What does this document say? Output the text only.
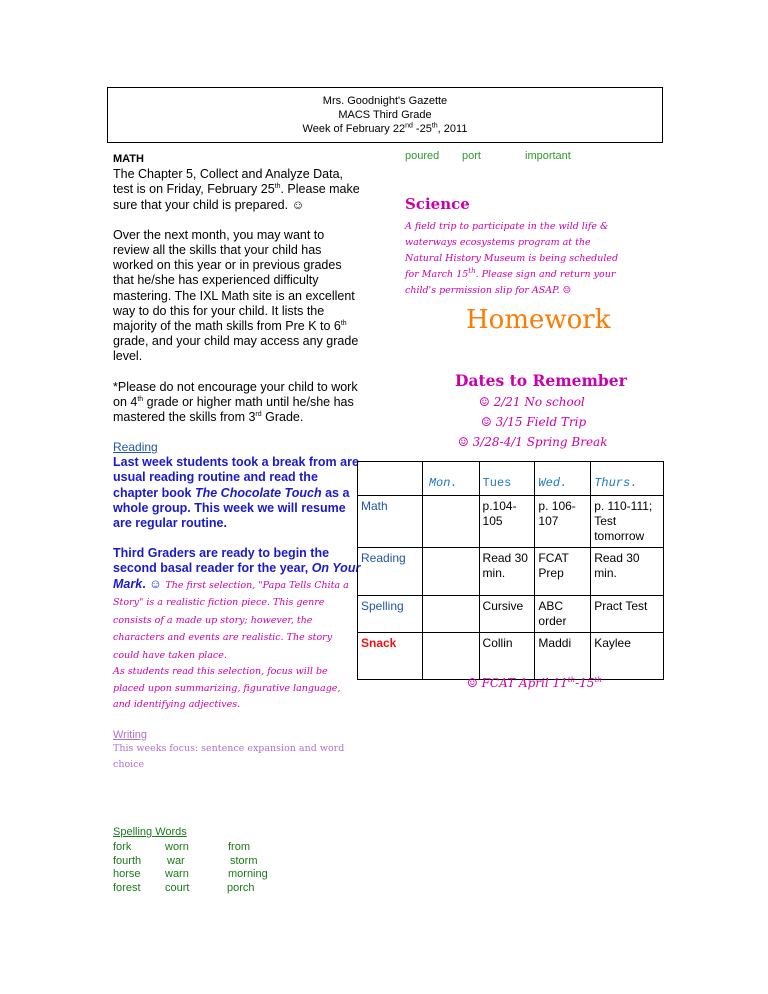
Mrs. Goodnight's Gazette
MACS Third Grade
Week of February 22nd -25th, 2011
MATH
The Chapter 5, Collect and Analyze Data, test is on Friday, February 25th. Please make sure that your child is prepared. ☺
Over the next month, you may want to review all the skills that your child has worked on this year or in previous grades that he/she has experienced difficulty mastering. The IXL Math site is an excellent way to do this for your child. It lists the majority of the math skills from Pre K to 6th grade, and your child may access any grade level.
*Please do not encourage your child to work on 4th grade or higher math until he/she has mastered the skills from 3rd Grade.
Reading
Last week students took a break from are usual reading routine and read the chapter book The Chocolate Touch as a whole group. This week we will resume are regular routine.
Third Graders are ready to begin the second basal reader for the year, On Your Mark. ☺ The first selection, "Papa Tells Chita a Story" is a realistic fiction piece. This genre consists of a made up story; however, the characters and events are realistic. The story could have taken place.
As students read this selection, focus will be placed upon summarizing, figurative language, and identifying adjectives.
Writing
This weeks focus: sentence expansion and word choice
Spelling Words
fork	worn	from
fourth war	storm
horse warn	morning
forest court	porch
poured port	important
Science
A field trip to participate in the wild life & waterways ecosystems program at the Natural History Museum is being scheduled for March 15th. Please sign and return your child's permission slip for ASAP. ☺
Homework
Dates to Remember
☺ 2/21 No school
☺ 3/15 Field Trip
☺ 3/28-4/1 Spring Break
	Mon.	Tues	Wed.	Thurs.
Math		p.104-105	p. 106-107	p. 110-111; Test tomorrow
Reading		Read 30 min.	FCAT Prep	Read 30 min.
Spelling		Cursive	ABC order	Pract Test
Snack		Collin	Maddi	Kaylee
☺ FCAT April 11th-15th
